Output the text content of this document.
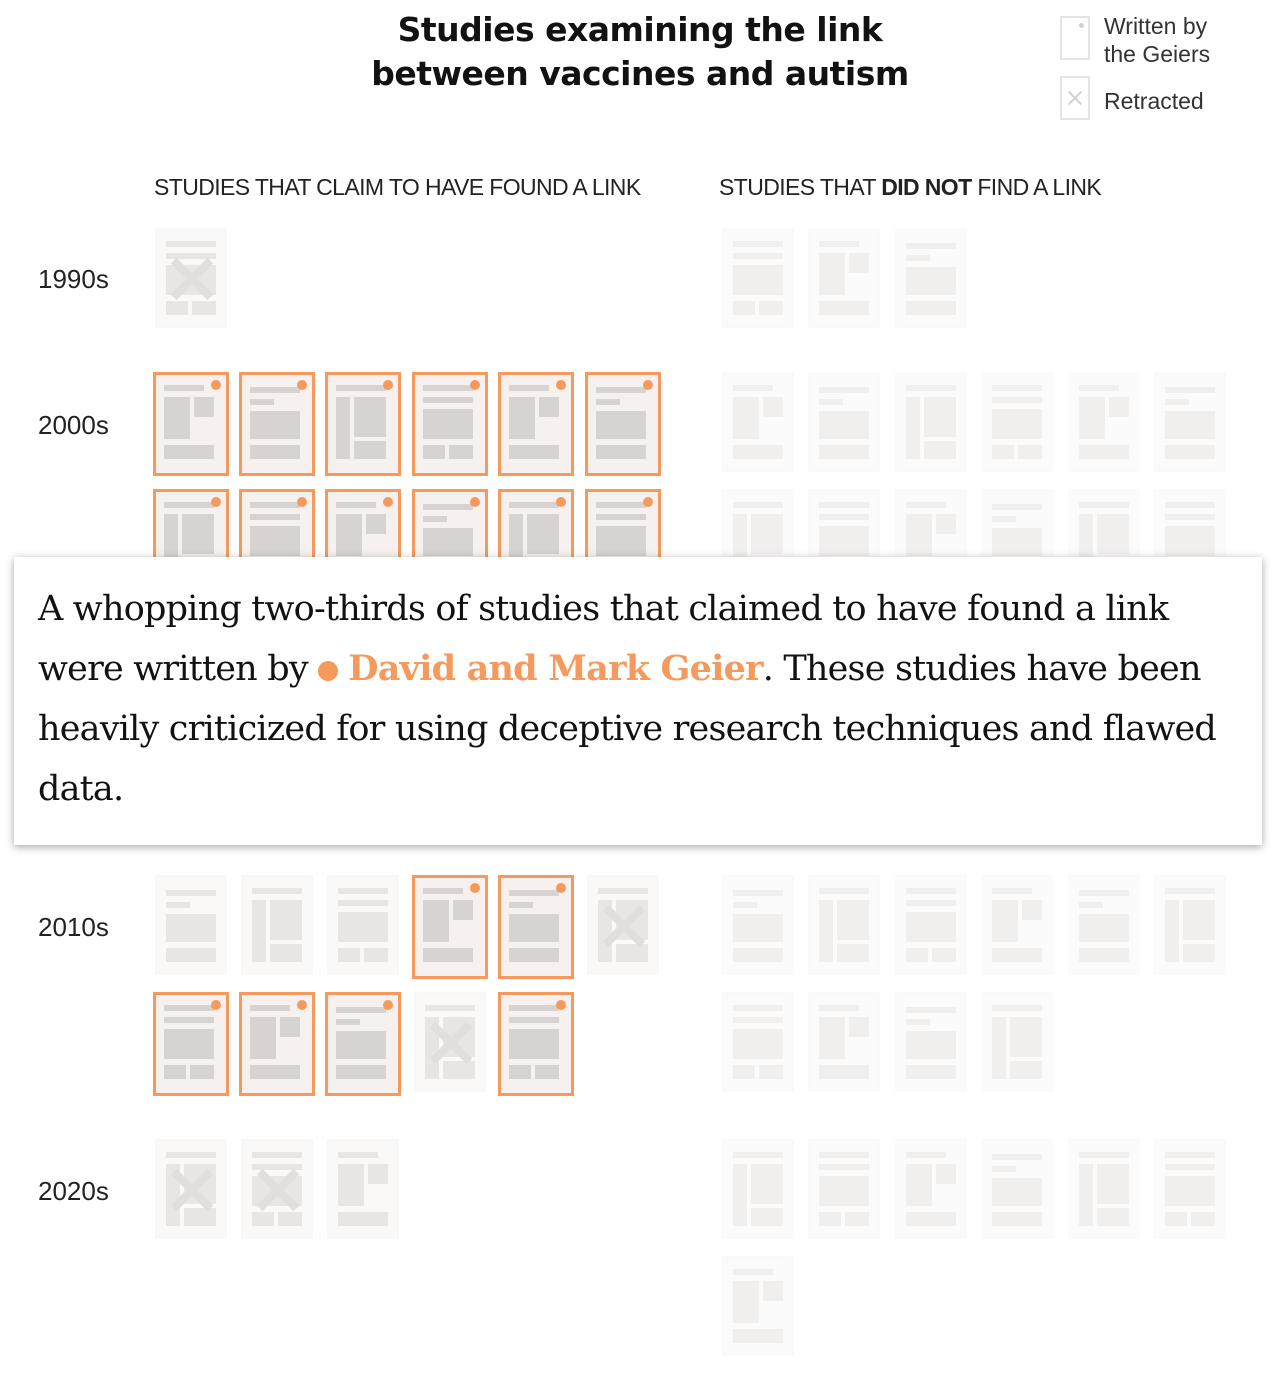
Studies examining the link
between vaccines and autism
Written by
the Geiers
Retracted
STUDIES THAT CLAIM TO HAVE FOUND A LINK	STUDIES THAT DID NOT FIND A LINK
1990s
2000s
2010s
2020s
A whopping two-thirds of studies that claimed to have found a link were written by David and Mark Geier. These studies have been heavily criticized for using deceptive research techniques and flawed data.
